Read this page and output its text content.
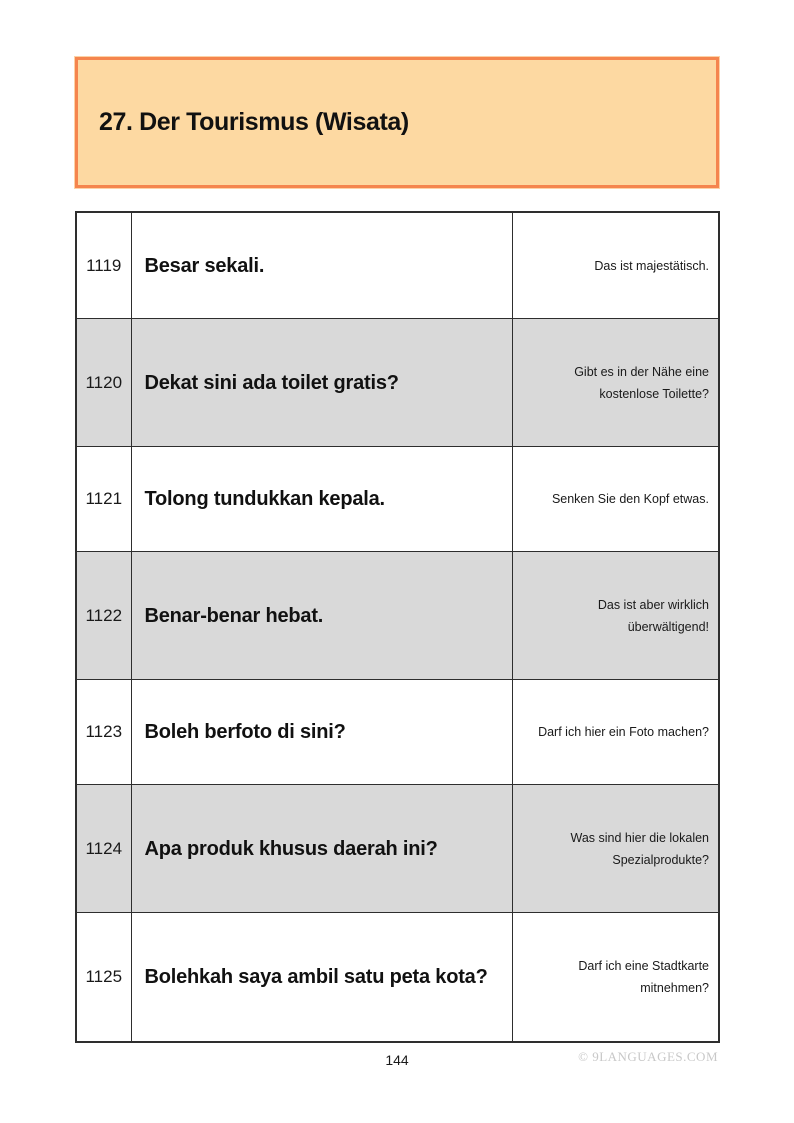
27. Der Tourismus (Wisata)
1119	Besar sekali.	Das ist majestätisch.
1120	Dekat sini ada toilet gratis?	Gibt es in der Nähe eine kostenlose Toilette?
1121	Tolong tundukkan kepala.	Senken Sie den Kopf etwas.
1122	Benar-benar hebat.	Das ist aber wirklich überwältigend!
1123	Boleh berfoto di sini?	Darf ich hier ein Foto machen?
1124	Apa produk khusus daerah ini?	Was sind hier die lokalen Spezialprodukte?
1125	Bolehkah saya ambil satu peta kota?	Darf ich eine Stadtkarte mitnehmen?
144	© 9LANGUAGES.COM
